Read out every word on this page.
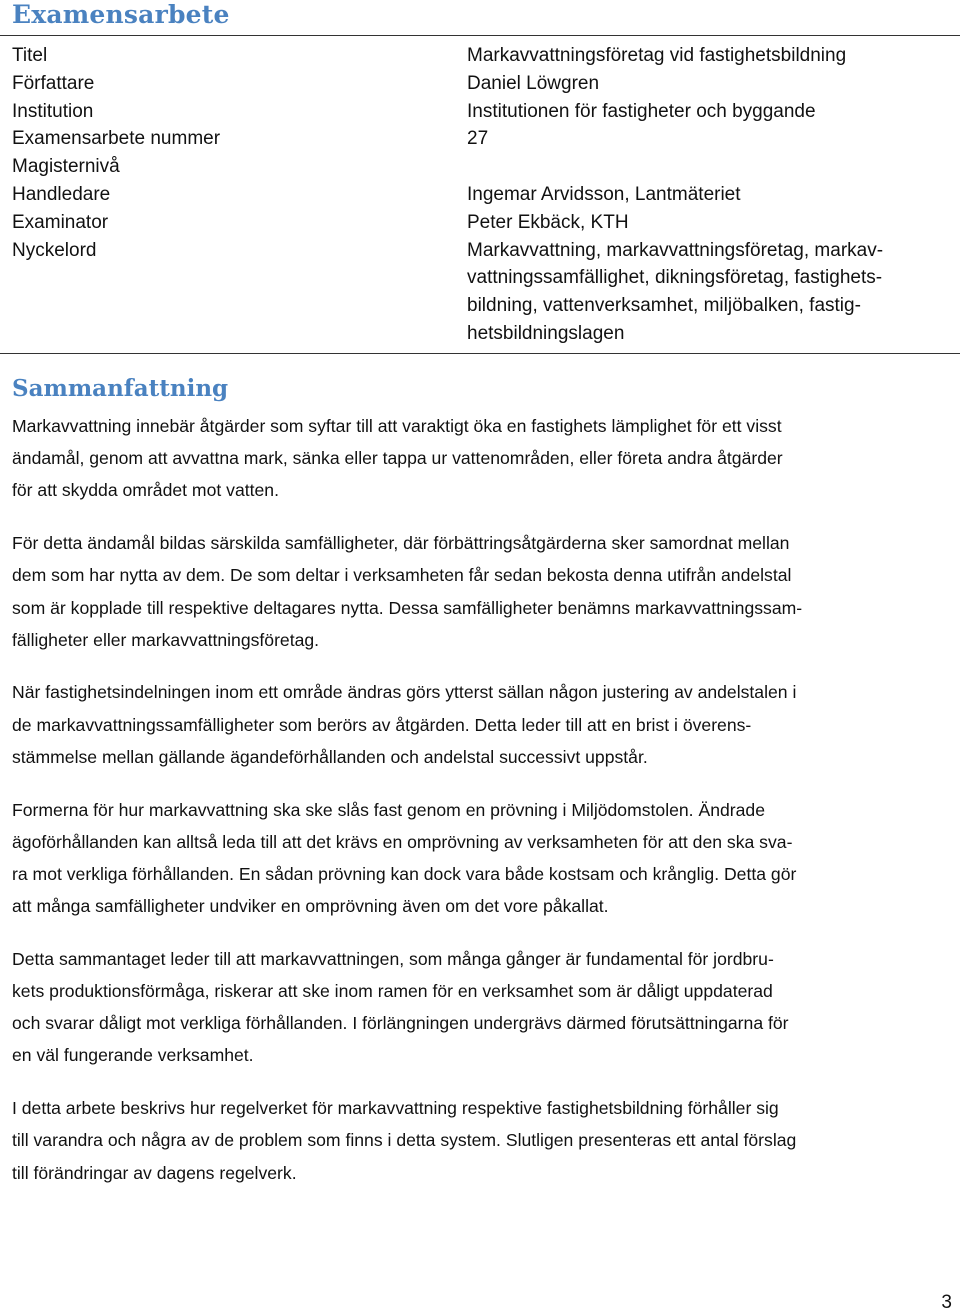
Examensarbete
Titel	Markavvattningsföretag vid fastighetsbildning
Författare	Daniel Löwgren
Institution	Institutionen för fastigheter och byggande
Examensarbete nummer	27
Magisternivå
Handledare	Ingemar Arvidsson, Lantmäteriet
Examinator	Peter Ekbäck, KTH
Nyckelord	Markavvattning, markavvattningsföretag, markav-
vattningssamfällighet, dikningsföretag, fastighets-
bildning, vattenverksamhet, miljöbalken, fastig-
hetsbildningslagen
Sammanfattning

Markavvattning innebär åtgärder som syftar till att varaktigt öka en fastighets lämplighet för ett visst
ändamål, genom att avvattna mark, sänka eller tappa ur vattenområden, eller företa andra åtgärder
för att skydda området mot vatten.

För detta ändamål bildas särskilda samfälligheter, där förbättringsåtgärderna sker samordnat mellan
dem som har nytta av dem. De som deltar i verksamheten får sedan bekosta denna utifrån andelstal
som är kopplade till respektive deltagares nytta. Dessa samfälligheter benämns markavvattningssam-
fälligheter eller markavvattningsföretag.

När fastighetsindelningen inom ett område ändras görs ytterst sällan någon justering av andelstalen i
de markavvattningssamfälligheter som berörs av åtgärden. Detta leder till att en brist i överens-
stämmelse mellan gällande ägandeförhållanden och andelstal successivt uppstår.

Formerna för hur markavvattning ska ske slås fast genom en prövning i Miljödomstolen. Ändrade
ägoförhållanden kan alltså leda till att det krävs en omprövning av verksamheten för att den ska sva-
ra mot verkliga förhållanden. En sådan prövning kan dock vara både kostsam och krånglig. Detta gör
att många samfälligheter undviker en omprövning även om det vore påkallat.

Detta sammantaget leder till att markavvattningen, som många gånger är fundamental för jordbru-
kets produktionsförmåga, riskerar att ske inom ramen för en verksamhet som är dåligt uppdaterad
och svarar dåligt mot verkliga förhållanden. I förlängningen undergrävs därmed förutsättningarna för
en väl fungerande verksamhet.

I detta arbete beskrivs hur regelverket för markavvattning respektive fastighetsbildning förhåller sig
till varandra och några av de problem som finns i detta system. Slutligen presenteras ett antal förslag
till förändringar av dagens regelverk.

3
